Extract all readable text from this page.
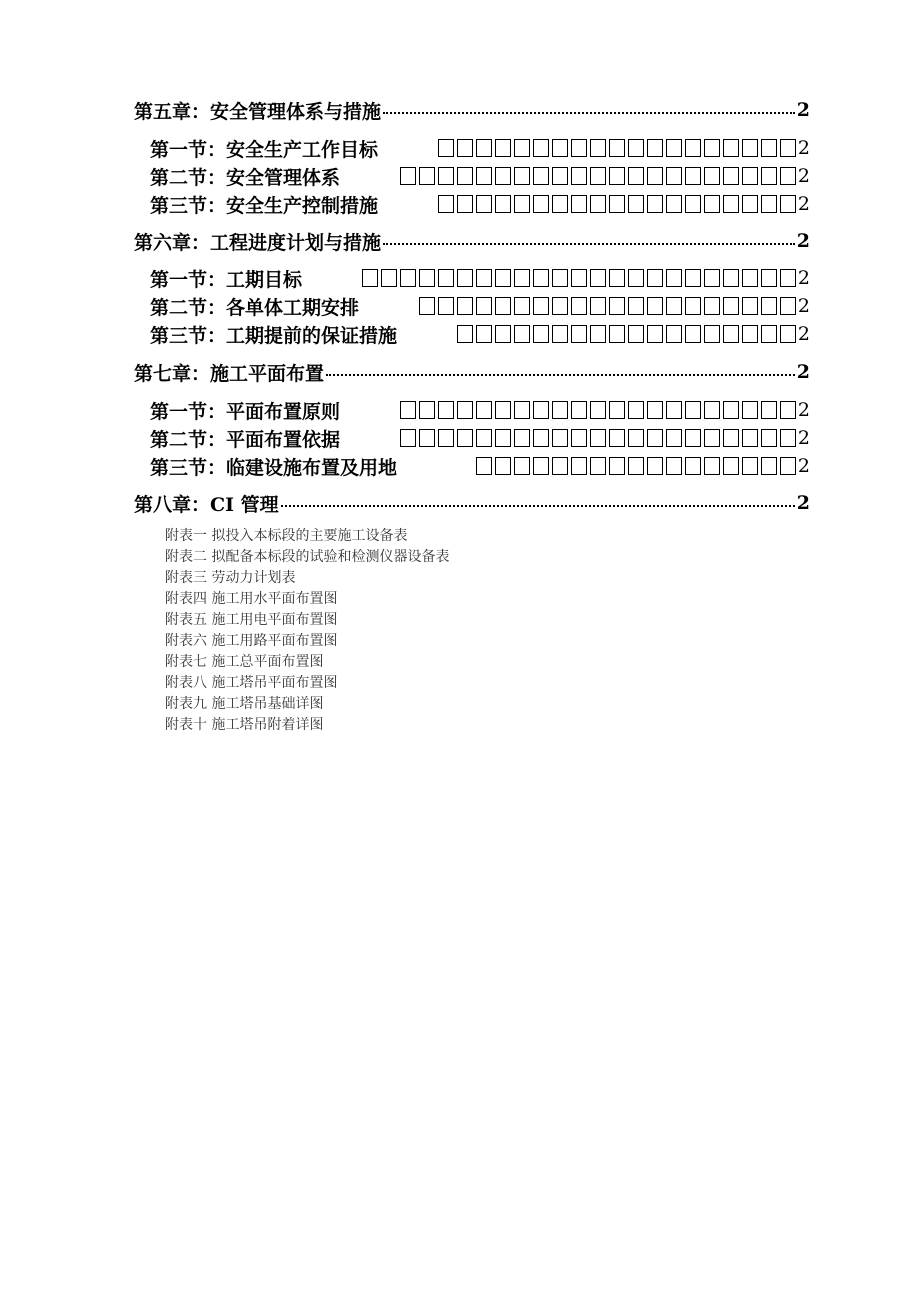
第五章：安全管理体系与措施	2
第一节：安全生产工作目标	2
第二节：安全管理体系	2
第三节：安全生产控制措施	2
第六章：工程进度计划与措施	2
第一节：工期目标	2
第二节：各单体工期安排	2
第三节：工期提前的保证措施	2
第七章：施工平面布置	2
第一节：平面布置原则	2
第二节：平面布置依据	2
第三节：临建设施布置及用地	2
第八章：CI 管理	2
附表一 拟投入本标段的主要施工设备表
附表二 拟配备本标段的试验和检测仪器设备表
附表三 劳动力计划表
附表四 施工用水平面布置图
附表五 施工用电平面布置图
附表六 施工用路平面布置图
附表七 施工总平面布置图
附表八 施工塔吊平面布置图
附表九 施工塔吊基础详图
附表十 施工塔吊附着详图
